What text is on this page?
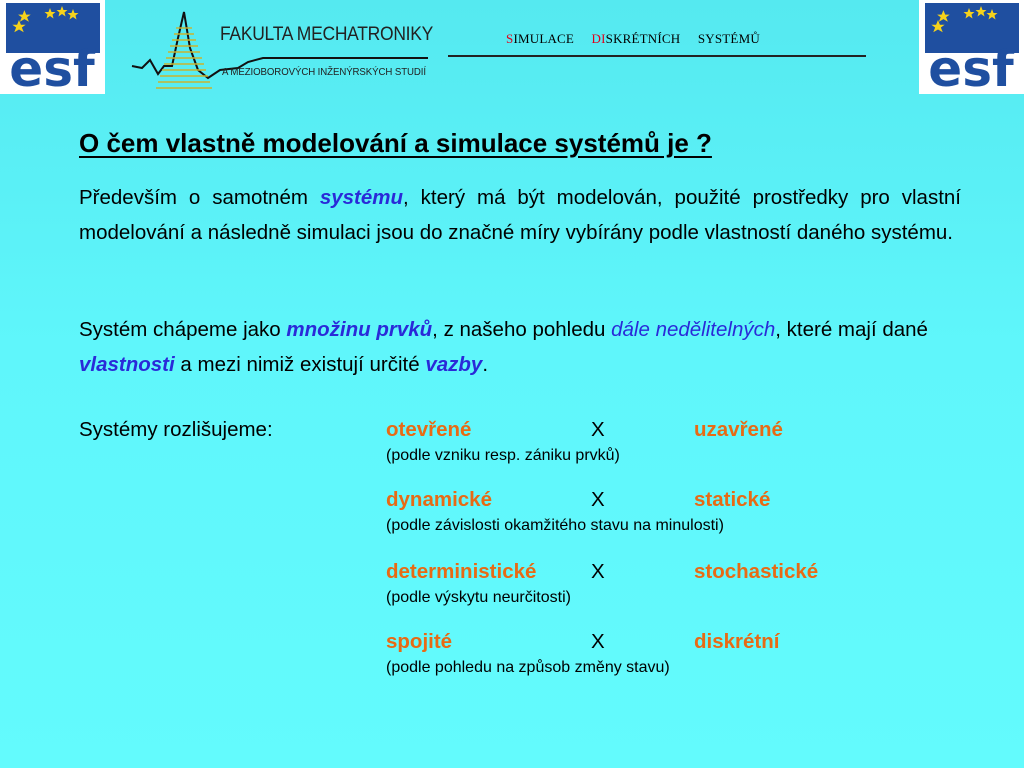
esf	esf
FAKULTA MECHATRONIKY
A MEZIOBOROVÝCH INŽENÝRSKÝCH STUDIÍ
SIMULACE DISKRÉTNÍCH SYSTÉMŮ
O čem vlastně modelování a simulace systémů je ?
Především o samotném systému, který má být modelován, použité prostředky pro vlastní modelování a následně simulaci jsou do značné míry vybírány podle vlastností daného systému.
Systém chápeme jako množinu prvků, z našeho pohledu dále nedělitelných, které mají dané vlastnosti a mezi nimiž existují určité vazby.
Systémy rozlišujeme:	otevřené	X	uzavřené
(podle vzniku resp. zániku prvků)
dynamické	X	statické
(podle závislosti okamžitého stavu na minulosti)
deterministické	X	stochastické
(podle výskytu neurčitosti)
spojité	X	diskrétní
(podle pohledu na způsob změny stavu)
